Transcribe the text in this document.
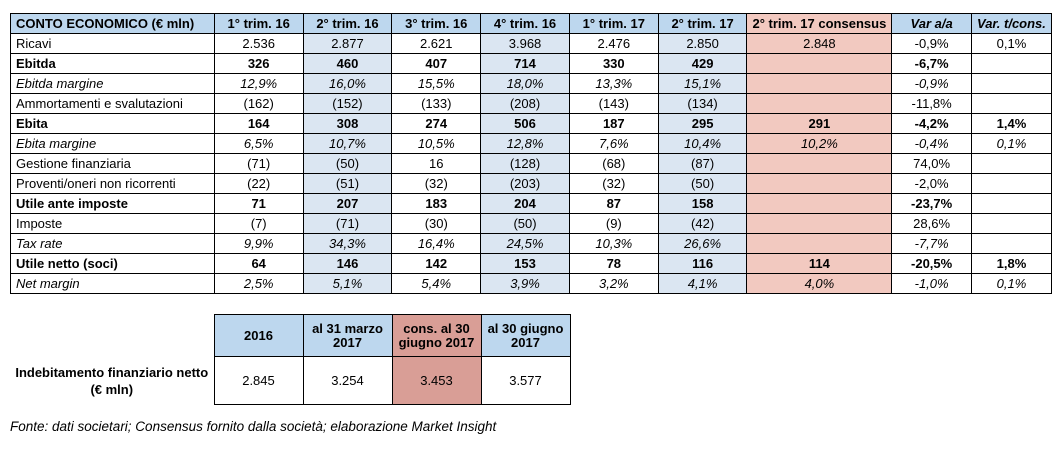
CONTO ECONOMICO (€ mln)	1° trim. 16	2° trim. 16	3° trim. 16	4° trim. 16	1° trim. 17	2° trim. 17	2° trim. 17 consensus	Var a/a	Var. t/cons.
Ricavi	2.536	2.877	2.621	3.968	2.476	2.850	2.848	-0,9%	0,1%
Ebitda	326	460	407	714	330	429		-6,7%	
Ebitda margine	12,9%	16,0%	15,5%	18,0%	13,3%	15,1%		-0,9%	
Ammortamenti e svalutazioni	(162)	(152)	(133)	(208)	(143)	(134)		-11,8%	
Ebita	164	308	274	506	187	295	291	-4,2%	1,4%
Ebita margine	6,5%	10,7%	10,5%	12,8%	7,6%	10,4%	10,2%	-0,4%	0,1%
Gestione finanziaria	(71)	(50)	16	(128)	(68)	(87)		74,0%	
Proventi/oneri non ricorrenti	(22)	(51)	(32)	(203)	(32)	(50)		-2,0%	
Utile ante imposte	71	207	183	204	87	158		-23,7%	
Imposte	(7)	(71)	(30)	(50)	(9)	(42)		28,6%	
Tax rate	9,9%	34,3%	16,4%	24,5%	10,3%	26,6%		-7,7%	
Utile netto (soci)	64	146	142	153	78	116	114	-20,5%	1,8%
Net margin	2,5%	5,1%	5,4%	3,9%	3,2%	4,1%	4,0%	-1,0%	0,1%
	2016	al 31 marzo 2017	cons. al 30 giugno 2017	al 30 giugno 2017
Indebitamento finanziario netto (€ mln)	2.845	3.254	3.453	3.577
Fonte: dati societari; Consensus fornito dalla società; elaborazione Market Insight
